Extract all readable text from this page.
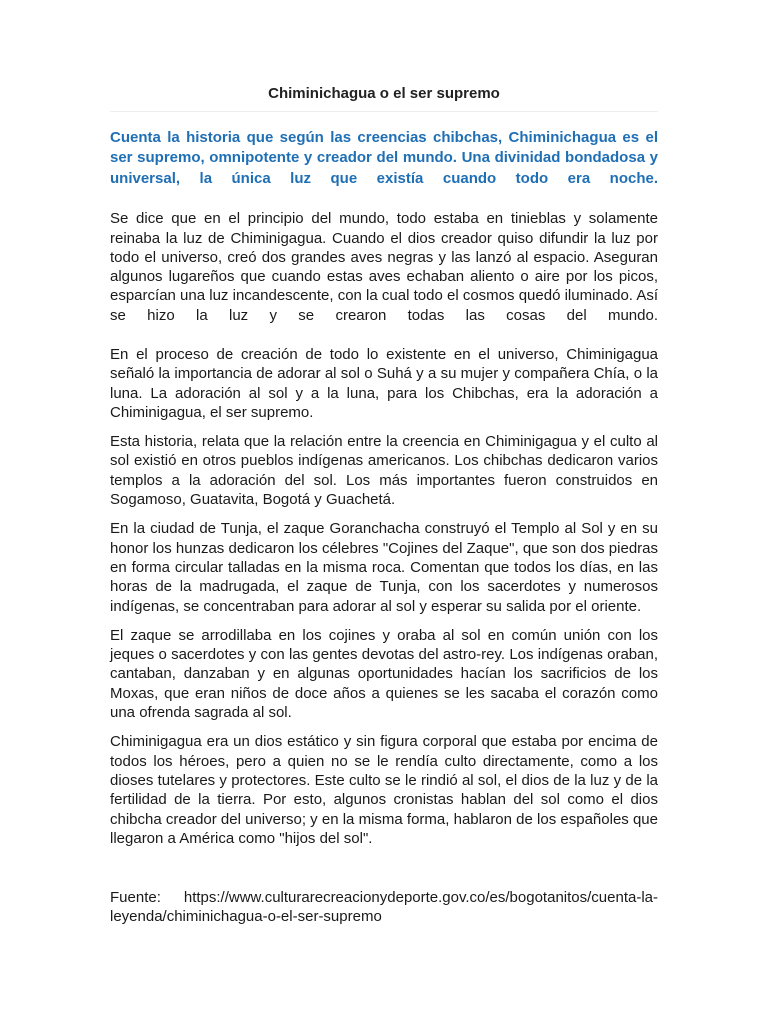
Chiminichagua o el ser supremo

Cuenta la historia que según las creencias chibchas, Chiminichagua es el ser supremo, omnipotente y creador del mundo. Una divinidad bondadosa y universal, la única luz que existía cuando todo era noche.

Se dice que en el principio del mundo, todo estaba en tinieblas y solamente reinaba la luz de Chiminigagua. Cuando el dios creador quiso difundir la luz por todo el universo, creó dos grandes aves negras y las lanzó al espacio. Aseguran algunos lugareños que cuando estas aves echaban aliento o aire por los picos, esparcían una luz incandescente, con la cual todo el cosmos quedó iluminado. Así se hizo la luz y se crearon todas las cosas del mundo.

En el proceso de creación de todo lo existente en el universo, Chiminigagua señaló la importancia de adorar al sol o Suhá y a su mujer y compañera Chía, o la luna. La adoración al sol y a la luna, para los Chibchas, era la adoración a Chiminigagua, el ser supremo.

Esta historia, relata que la relación entre la creencia en Chiminigagua y el culto al sol existió en otros pueblos indígenas americanos. Los chibchas dedicaron varios templos a la adoración del sol. Los más importantes fueron construidos en Sogamoso, Guatavita, Bogotá y Guachetá.

En la ciudad de Tunja, el zaque Goranchacha construyó el Templo al Sol y en su honor los hunzas dedicaron los célebres "Cojines del Zaque", que son dos piedras en forma circular talladas en la misma roca. Comentan que todos los días, en las horas de la madrugada, el zaque de Tunja, con los sacerdotes y numerosos indígenas, se concentraban para adorar al sol y esperar su salida por el oriente.

El zaque se arrodillaba en los cojines y oraba al sol en común unión con los jeques o sacerdotes y con las gentes devotas del astro-rey. Los indígenas oraban, cantaban, danzaban y en algunas oportunidades hacían los sacrificios de los Moxas, que eran niños de doce años a quienes se les sacaba el corazón como una ofrenda sagrada al sol.

Chiminigagua era un dios estático y sin figura corporal que estaba por encima de todos los héroes, pero a quien no se le rendía culto directamente, como a los dioses tutelares y protectores. Este culto se le rindió al sol, el dios de la luz y de la fertilidad de la tierra. Por esto, algunos cronistas hablan del sol como el dios chibcha creador del universo; y en la misma forma, hablaron de los españoles que llegaron a América como "hijos del sol".

Fuente: https://www.culturarecreacionydeporte.gov.co/es/bogotanitos/cuenta-la-leyenda/chiminichagua-o-el-ser-supremo
